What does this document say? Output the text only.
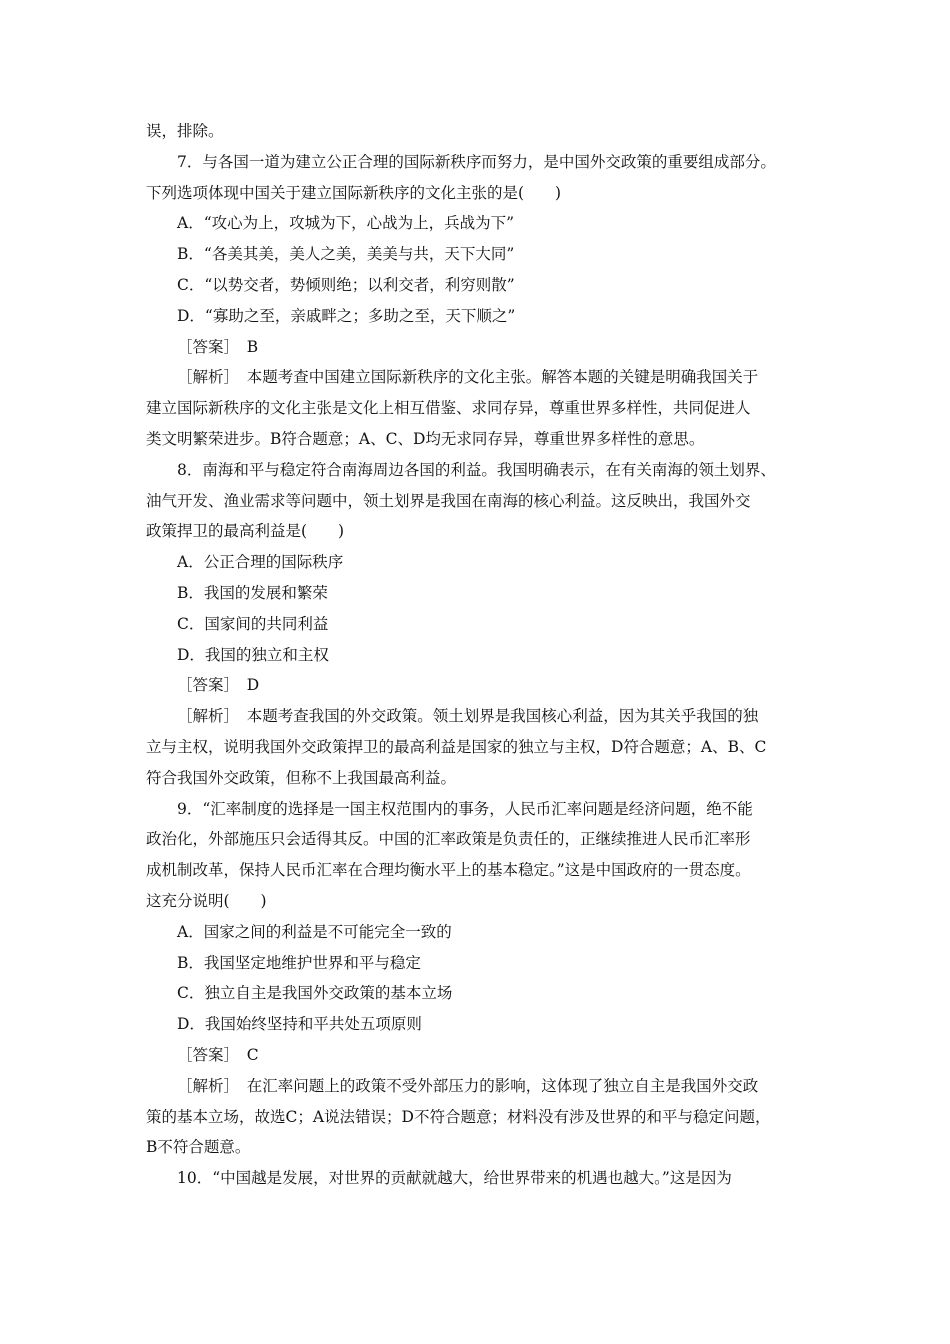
误，排除。
7．与各国一道为建立公正合理的国际新秩序而努力，是中国外交政策的重要组成部分。
下列选项体现中国关于建立国际新秩序的文化主张的是(　　)
A．“攻心为上，攻城为下，心战为上，兵战为下”
B．“各美其美，美人之美，美美与共，天下大同”
C．“以势交者，势倾则绝；以利交者，利穷则散”
D．“寡助之至，亲戚畔之；多助之至，天下顺之”
［答案］　B
［解析］　本题考查中国建立国际新秩序的文化主张。解答本题的关键是明确我国关于
建立国际新秩序的文化主张是文化上相互借鉴、求同存异，尊重世界多样性，共同促进人
类文明繁荣进步。B符合题意；A、C、D均无求同存异，尊重世界多样性的意思。
8．南海和平与稳定符合南海周边各国的利益。我国明确表示，在有关南海的领土划界、
油气开发、渔业需求等问题中，领土划界是我国在南海的核心利益。这反映出，我国外交
政策捍卫的最高利益是(　　)
A．公正合理的国际秩序
B．我国的发展和繁荣
C．国家间的共同利益
D．我国的独立和主权
［答案］　D
［解析］　本题考查我国的外交政策。领土划界是我国核心利益，因为其关乎我国的独
立与主权，说明我国外交政策捍卫的最高利益是国家的独立与主权，D符合题意；A、B、C
符合我国外交政策，但称不上我国最高利益。
9．“汇率制度的选择是一国主权范围内的事务，人民币汇率问题是经济问题，绝不能
政治化，外部施压只会适得其反。中国的汇率政策是负责任的，正继续推进人民币汇率形
成机制改革，保持人民币汇率在合理均衡水平上的基本稳定。”这是中国政府的一贯态度。
这充分说明(　　)
A．国家之间的利益是不可能完全一致的
B．我国坚定地维护世界和平与稳定
C．独立自主是我国外交政策的基本立场
D．我国始终坚持和平共处五项原则
［答案］　C
［解析］　在汇率问题上的政策不受外部压力的影响，这体现了独立自主是我国外交政
策的基本立场，故选C；A说法错误；D不符合题意；材料没有涉及世界的和平与稳定问题，
B不符合题意。
10．“中国越是发展，对世界的贡献就越大，给世界带来的机遇也越大。”这是因为
